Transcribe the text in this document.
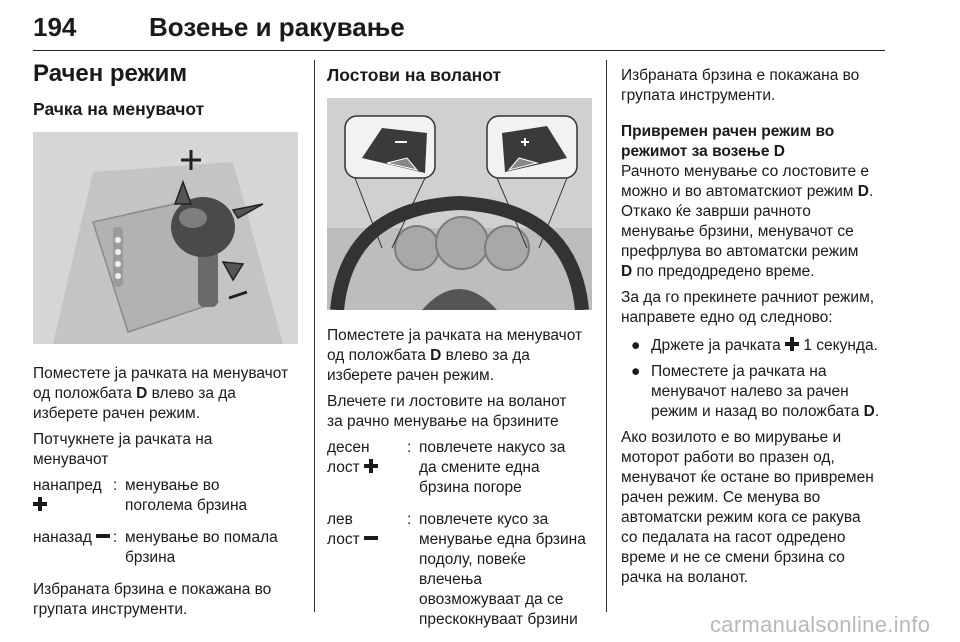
194	Возење и ракување
Рачен режим
Рачка на менувачот

Поместете ја рачката на менувачот
од положбата D влево за да
изберете рачен режим.

Потчукнете ја рачката на
менувачот

нанапред : менување во
поголема брзина
наназад	: менување во помала
брзина

Избраната брзина е покажана во
групата инструменти.

Лостови на воланот

Поместете ја рачката на менувачот
од положбата D влево за да
изберете рачен режим.

Влечете ги лостовите на воланот
за рачно менување на брзините

десен
лост
: повлечете накусо за
да смените една
брзина погоре
лев
лост
: повлечете кусо за
менување една брзина
подолу, повеќе влечења
овозможуваат да се
прескокнуваат брзини

Избраната брзина е покажана во
групата инструменти.

Привремен рачен режим во
режимот за возење D

Рачното менување со лостовите е
можно и во автоматскиот режим D.
Откако ќе заврши рачното
менување брзини, менувачот се
префрлува во автоматски режим
D по предодредено време.

За да го прекинете рачниот режим,
направете едно од следново:

● Држете ја рачката  1 секунда.
● Поместете ја рачката на
менувачот налево за рачен
режим и назад во положбата D.

Ако возилото е во мирување и
моторот работи во празен од,
менувачот ќе остане во привремен
рачен режим. Се менува во
автоматски режим кога се ракува
со педалата на гасот одредено
време и не се смени брзина со
рачка на воланот.

carmanualsonline.info
